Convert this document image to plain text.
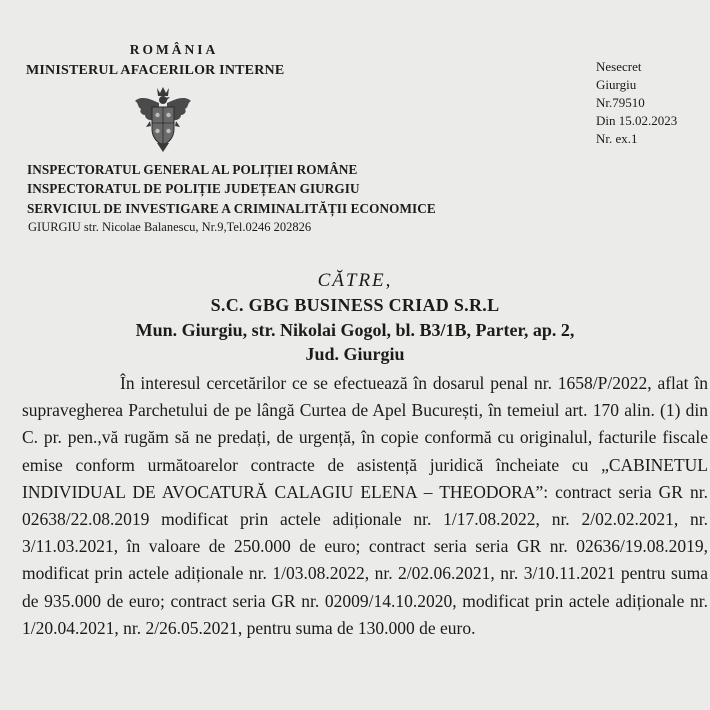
ROMÂNIA
MINISTERUL AFACERILOR INTERNE	Nesecret
Giurgiu
Nr.79510
Din 15.02.2023
Nr. ex.1
INSPECTORATUL GENERAL AL POLIȚIEI ROMÂNE
INSPECTORATUL DE POLIȚIE JUDEȚEAN GIURGIU
SERVICIUL DE INVESTIGARE A CRIMINALITĂȚII ECONOMICE
GIURGIU str. Nicolae Balanescu, Nr.9,Tel.0246 202826
CĂTRE,
S.C. GBG BUSINESS CRIAD S.R.L
Mun. Giurgiu, str. Nikolai Gogol, bl. B3/1B, Parter, ap. 2,
Jud. Giurgiu

În interesul cercetărilor ce se efectuează în dosarul penal nr. 1658/P/2022, aflat în supravegherea Parchetului de pe lângă Curtea de Apel București, în temeiul art. 170 alin. (1) din C. pr. pen.,vă rugăm să ne predați, de urgență, în copie conformă cu originalul, facturile fiscale emise conform următoarelor contracte de asistență juridică încheiate cu „CABINETUL INDIVIDUAL DE AVOCATURĂ CALAGIU ELENA – THEODORA”: contract seria GR nr. 02638/22.08.2019 modificat prin actele adiționale nr. 1/17.08.2022, nr. 2/02.02.2021, nr. 3/11.03.2021, în valoare de 250.000 de euro; contract seria seria GR nr. 02636/19.08.2019, modificat prin actele adiționale nr. 1/03.08.2022, nr. 2/02.06.2021, nr. 3/10.11.2021 pentru suma de 935.000 de euro; contract seria GR nr. 02009/14.10.2020, modificat prin actele adiționale nr. 1/20.04.2021, nr. 2/26.05.2021, pentru suma de 130.000 de euro.
